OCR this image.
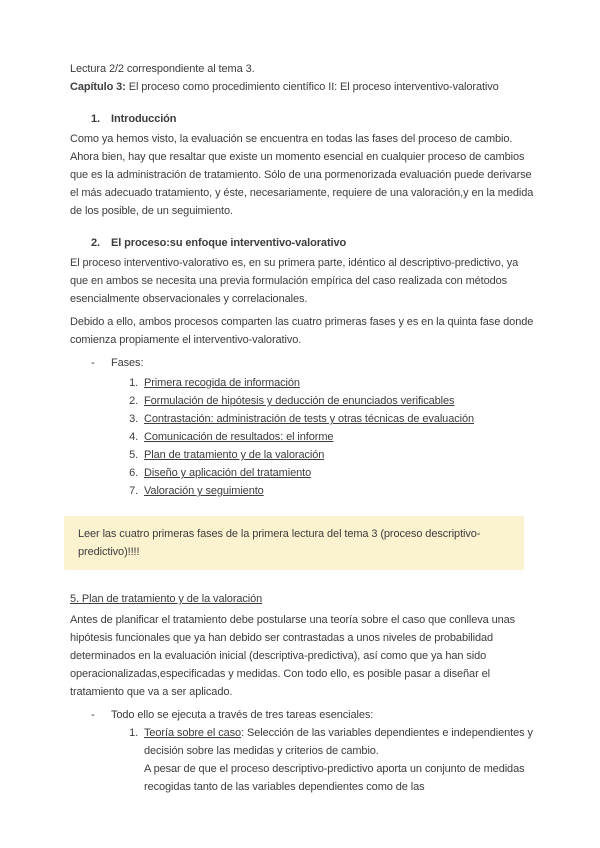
Lectura 2/2 correspondiente al tema 3.

Capítulo 3: El proceso como procedimiento científico II: El proceso interventivo-valorativo

1. Introducción

Como ya hemos visto, la evaluación se encuentra en todas las fases del proceso de cambio. Ahora bien, hay que resaltar que existe un momento esencial en cualquier proceso de cambios que es la administración de tratamiento. Sólo de una pormenorizada evaluación puede derivarse el más adecuado tratamiento, y éste, necesariamente, requiere de una valoración,y en la medida de los posible, de un seguimiento.

2. El proceso:su enfoque interventivo-valorativo

El proceso interventivo-valorativo es, en su primera parte, idéntico al descriptivo-predictivo, ya que en ambos se necesita una previa formulación empírica del caso realizada con métodos esencialmente observacionales y correlacionales.

Debido a ello, ambos procesos comparten las cuatro primeras fases y es en la quinta fase donde comienza propiamente el interventivo-valorativo.

- Fases:
1. Primera recogida de información
2. Formulación de hipótesis y deducción de enunciados verificables
3. Contrastación: administración de tests y otras técnicas de evaluación
4. Comunicación de resultados: el informe
5. Plan de tratamiento y de la valoración
6. Diseño y aplicación del tratamiento
7. Valoración y seguimiento
Leer las cuatro primeras fases de la primera lectura del tema 3 (proceso descriptivo-predictivo)!!!!

5. Plan de tratamiento y de la valoración

Antes de planificar el tratamiento debe postularse una teoría sobre el caso que conlleva unas hipótesis funcionales que ya han debido ser contrastadas a unos niveles de probabilidad determinados en la evaluación inicial (descriptiva-predictiva), así como que ya han sido operacionalizadas,especificadas y medidas. Con todo ello, es posible pasar a diseñar el tratamiento que va a ser aplicado.

- Todo ello se ejecuta a través de tres tareas esenciales:
1. Teoría sobre el caso: Selección de las variables dependientes e independientes y decisión sobre las medidas y criterios de cambio.

A pesar de que el proceso descriptivo-predictivo aporta un conjunto de medidas recogidas tanto de las variables dependientes como de las
